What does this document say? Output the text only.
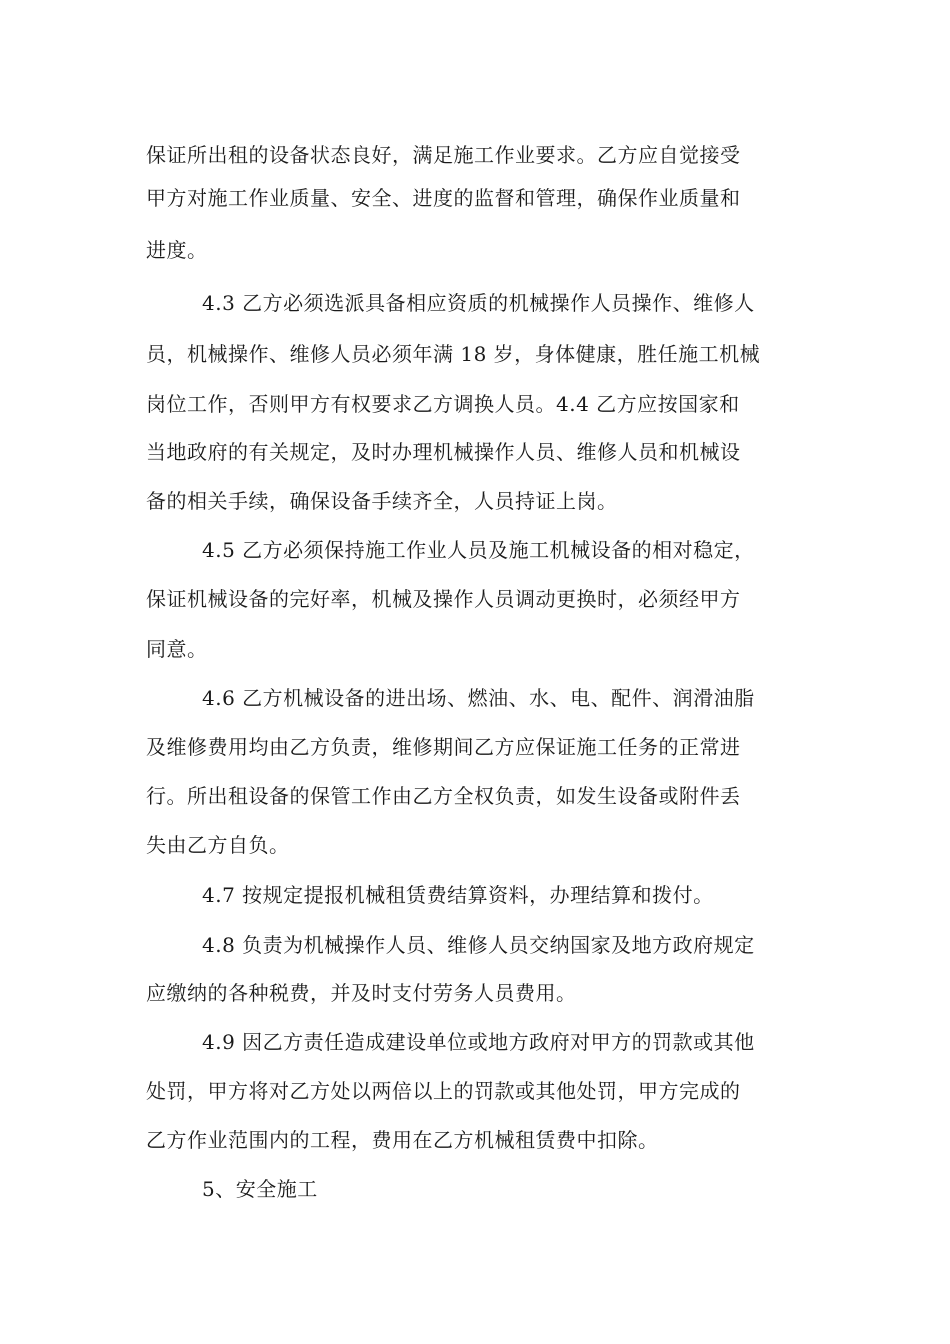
保证所出租的设备状态良好，满足施工作业要求。乙方应自觉接受
甲方对施工作业质量、安全、进度的监督和管理，确保作业质量和
进度。
4.3 乙方必须选派具备相应资质的机械操作人员操作、维修人
员，机械操作、维修人员必须年满 18 岁，身体健康，胜任施工机械
岗位工作，否则甲方有权要求乙方调换人员。4.4 乙方应按国家和
当地政府的有关规定，及时办理机械操作人员、维修人员和机械设
备的相关手续，确保设备手续齐全，人员持证上岗。
4.5 乙方必须保持施工作业人员及施工机械设备的相对稳定，
保证机械设备的完好率，机械及操作人员调动更换时，必须经甲方
同意。
4.6 乙方机械设备的进出场、燃油、水、电、配件、润滑油脂
及维修费用均由乙方负责，维修期间乙方应保证施工任务的正常进
行。所出租设备的保管工作由乙方全权负责，如发生设备或附件丢
失由乙方自负。
4.7 按规定提报机械租赁费结算资料，办理结算和拨付。
4.8 负责为机械操作人员、维修人员交纳国家及地方政府规定
应缴纳的各种税费，并及时支付劳务人员费用。
4.9 因乙方责任造成建设单位或地方政府对甲方的罚款或其他
处罚，甲方将对乙方处以两倍以上的罚款或其他处罚，甲方完成的
乙方作业范围内的工程，费用在乙方机械租赁费中扣除。
5、安全施工
